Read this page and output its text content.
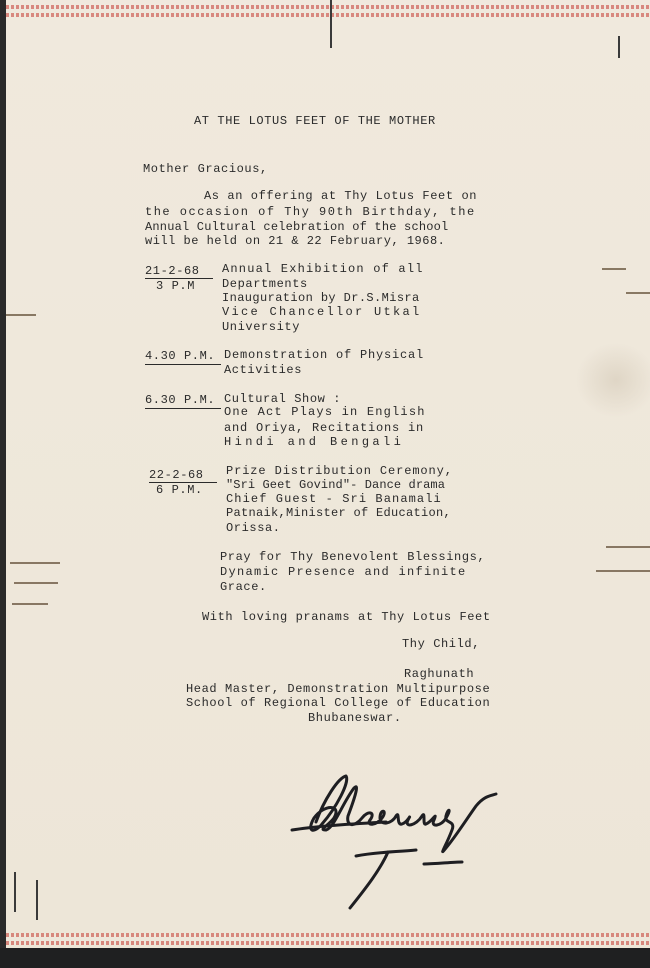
AT THE LOTUS FEET OF THE MOTHER
Mother Gracious,
As an offering at Thy Lotus Feet on
the occasion of Thy 90th Birthday, the
Annual Cultural celebration of the school
will be held on 21 & 22 February, 1968.
21-2-68
3 P.M
Annual Exhibition of all
Departments
Inauguration by Dr.S.Misra
Vice Chancellor Utkal
University
4.30 P.M. Demonstration of Physical
Activities
6.30 P.M. Cultural Show :
One Act Plays in English
and Oriya, Recitations in
Hindi and Bengali
22-2-68
6 P.M.
Prize Distribution Ceremony,
"Sri Geet Govind"- Dance drama
Chief Guest - Sri Banamali
Patnaik,Minister of Education,
Orissa.
Pray for Thy Benevolent Blessings,
Dynamic Presence and infinite
Grace.
With loving pranams at Thy Lotus Feet
Thy Child,
Raghunath
Head Master, Demonstration Multipurpose
School of Regional College of Education
Bhubaneswar.
